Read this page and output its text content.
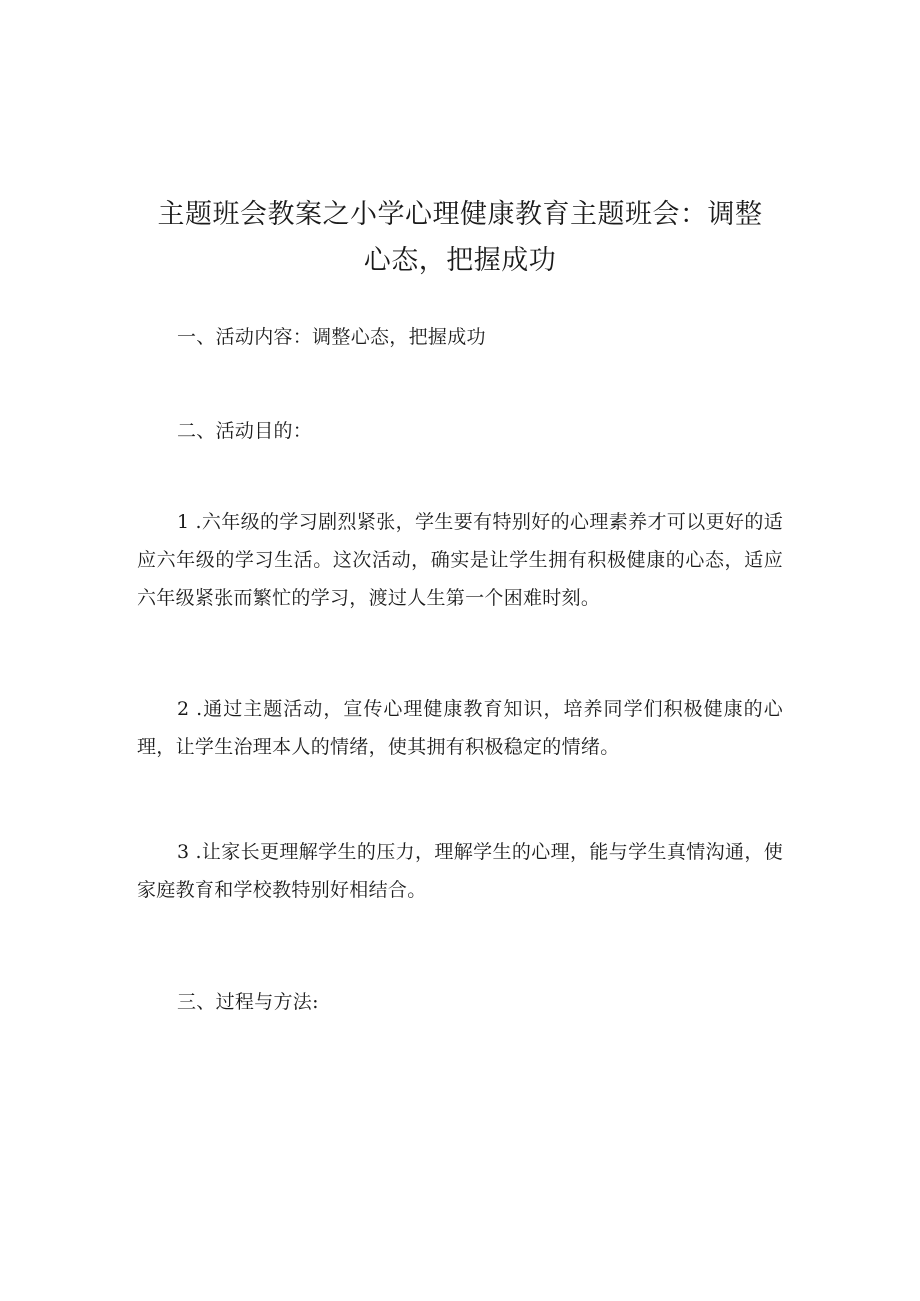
主题班会教案之小学心理健康教育主题班会：调整心态，把握成功

一、活动内容：调整心态，把握成功

二、活动目的：

1 .六年级的学习剧烈紧张，学生要有特别好的心理素养才可以更好的适应六年级的学习生活。这次活动，确实是让学生拥有积极健康的心态，适应六年级紧张而繁忙的学习，渡过人生第一个困难时刻。

2 .通过主题活动，宣传心理健康教育知识，培养同学们积极健康的心理，让学生治理本人的情绪，使其拥有积极稳定的情绪。

3 .让家长更理解学生的压力，理解学生的心理，能与学生真情沟通，使家庭教育和学校教特别好相结合。

三、过程与方法:
